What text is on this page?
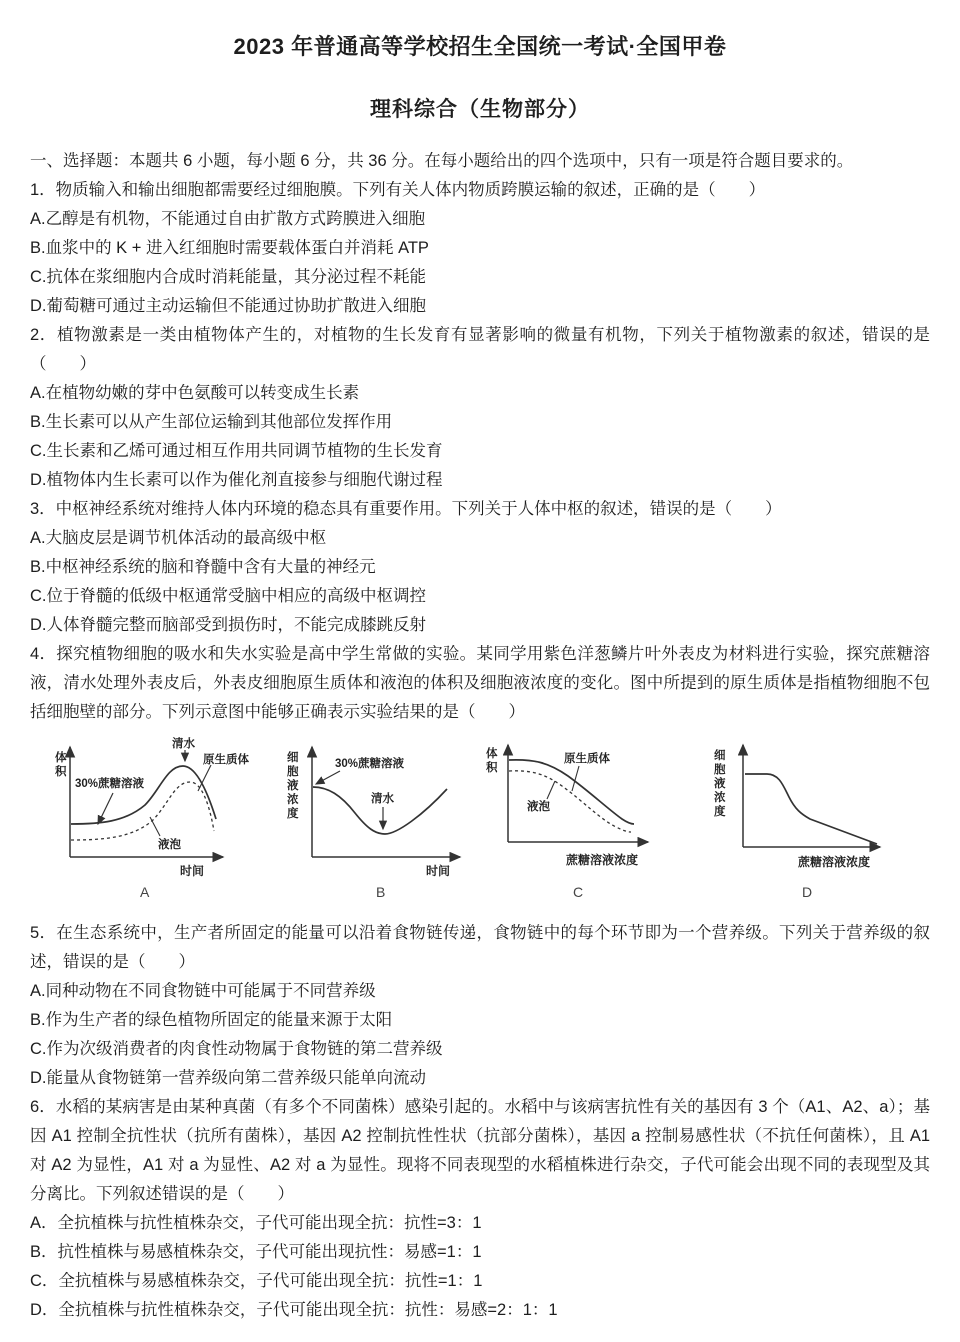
2023 年普通高等学校招生全国统一考试·全国甲卷
理科综合（生物部分）

一、选择题：本题共 6 小题，每小题 6 分，共 36 分。在每小题给出的四个选项中，只有一项是符合题目要求的。

1．物质输入和输出细胞都需要经过细胞膜。下列有关人体内物质跨膜运输的叙述，正确的是（　　）

A.乙醇是有机物，不能通过自由扩散方式跨膜进入细胞

B.血浆中的 K + 进入红细胞时需要载体蛋白并消耗 ATP

C.抗体在浆细胞内合成时消耗能量，其分泌过程不耗能

D.葡萄糖可通过主动运输但不能通过协助扩散进入细胞

2．植物激素是一类由植物体产生的，对植物的生长发育有显著影响的微量有机物，下列关于植物激素的叙述，错误的是（　　）

A.在植物幼嫩的芽中色氨酸可以转变成生长素

B.生长素可以从产生部位运输到其他部位发挥作用

C.生长素和乙烯可通过相互作用共同调节植物的生长发育

D.植物体内生长素可以作为催化剂直接参与细胞代谢过程

3．中枢神经系统对维持人体内环境的稳态具有重要作用。下列关于人体中枢的叙述，错误的是（　　）

A.大脑皮层是调节机体活动的最高级中枢

B.中枢神经系统的脑和脊髓中含有大量的神经元

C.位于脊髓的低级中枢通常受脑中相应的高级中枢调控

D.人体脊髓完整而脑部受到损伤时，不能完成膝跳反射

4．探究植物细胞的吸水和失水实验是高中学生常做的实验。某同学用紫色洋葱鳞片叶外表皮为材料进行实验，探究蔗糖溶液，清水处理外表皮后，外表皮细胞原生质体和液泡的体积及细胞液浓度的变化。图中所提到的原生质体是指植物细胞不包括细胞壁的部分。下列示意图中能够正确表示实验结果的是（　　）

体积
清水
原生质体
30%蔗糖溶液
液泡
时间
A
细胞液浓度
30%蔗糖溶液
清水
时间
B
体积
原生质体
液泡
蔗糖溶液浓度
C
细胞液浓度
蔗糖溶液浓度
D

5．在生态系统中，生产者所固定的能量可以沿着食物链传递，食物链中的每个环节即为一个营养级。下列关于营养级的叙述，错误的是（　　）

A.同种动物在不同食物链中可能属于不同营养级

B.作为生产者的绿色植物所固定的能量来源于太阳

C.作为次级消费者的肉食性动物属于食物链的第二营养级

D.能量从食物链第一营养级向第二营养级只能单向流动

6．水稻的某病害是由某种真菌（有多个不同菌株）感染引起的。水稻中与该病害抗性有关的基因有 3 个（A1、A2、a）；基因 A1 控制全抗性状（抗所有菌株），基因 A2 控制抗性性状（抗部分菌株），基因 a 控制易感性状（不抗任何菌株），且 A1 对 A2 为显性，A1 对 a 为显性、A2 对 a 为显性。现将不同表现型的水稻植株进行杂交，子代可能会出现不同的表现型及其分离比。下列叙述错误的是（　　）

A．全抗植株与抗性植株杂交，子代可能出现全抗：抗性=3：1

B．抗性植株与易感植株杂交，子代可能出现抗性：易感=1：1

C．全抗植株与易感植株杂交，子代可能出现全抗：抗性=1：1

D．全抗植株与抗性植株杂交，子代可能出现全抗：抗性：易感=2：1：1
